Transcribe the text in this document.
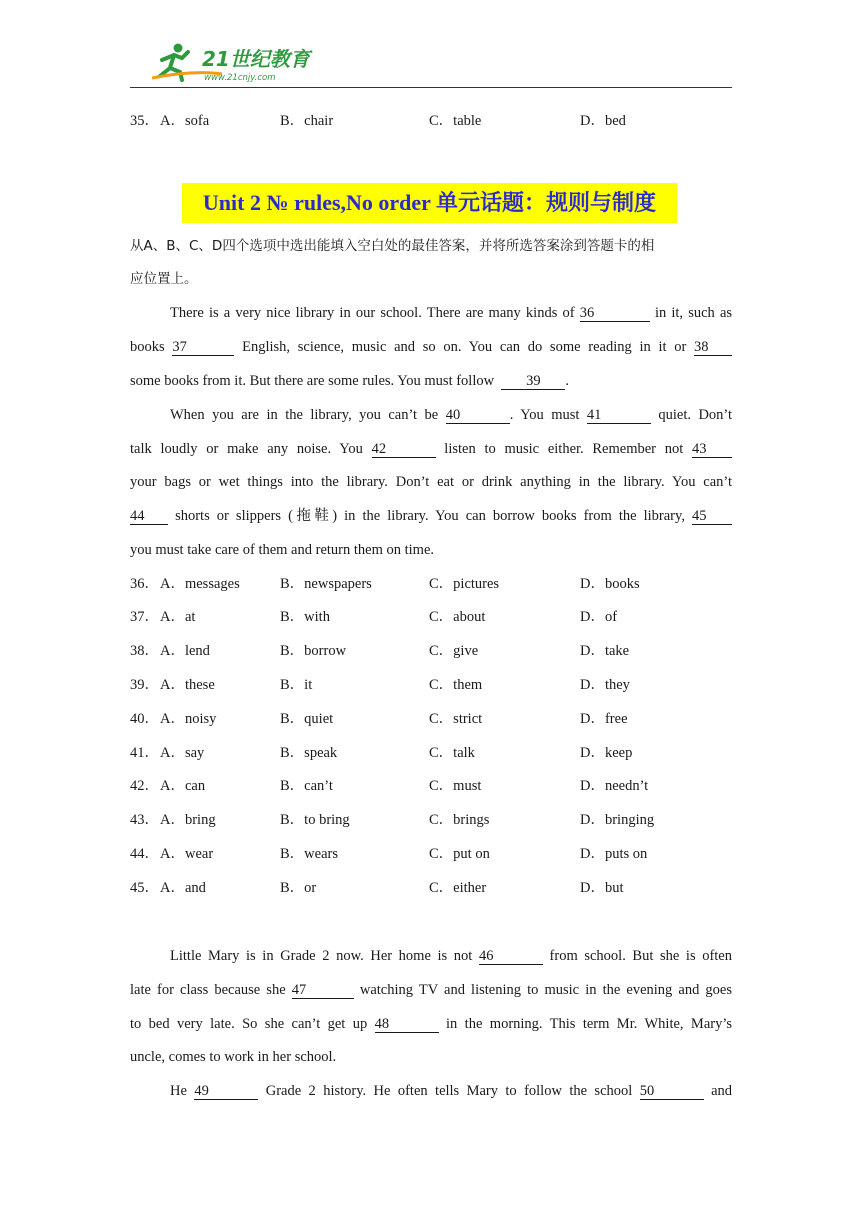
21世纪教育
www.21cnjy.com
35． A．sofa	B．chair	C．table	D．bed
Unit 2 № rules,No order 单元话题：规则与制度
从A、B、C、D四个选项中选出能填入空白处的最佳答案，并将所选答案涂到答题卡的相
应位置上。
There is a very nice library in our school. There are many kinds of 36	in it, such as
books 37	English, science, music and so on. You can do some reading in it or 38
some books from it. But there are some rules. You must follow 39 .
When you are in the library, you can’t be 40	. You must 41	quiet. Don’t
talk loudly or make any noise. You 42	listen to music either. Remember not 43
your bags or wet things into the library. Don’t eat or drink anything in the library. You can’t
44 shorts or slippers (拖鞋) in the library. You can borrow books from the library, 45
you must take care of them and return them on time.
36． A．messages	B．newspapers	C．pictures	D．books
37． A．at	B．with	C．about	D．of
38． A．lend	B．borrow	C．give	D．take
39． A．these	B．it	C．them	D．they
40． A．noisy	B．quiet	C．strict	D．free
41． A．say	B．speak	C．talk	D．keep
42． A．can	B．can’t	C．must	D．needn’t
43． A．bring	B．to bring	C．brings	D．bringing
44． A．wear	B．wears	C．put on	D．puts on
45． A．and	B．or	C．either	D．but
Little Mary is in Grade 2 now. Her home is not 46	from school. But she is often
late for class because she 47	watching TV and listening to music in the evening and goes
to bed very late. So she can’t get up 48	in the morning. This term Mr. White, Mary’s
uncle, comes to work in her school.
He 49	Grade 2 history. He often tells Mary to follow the school 50	and
